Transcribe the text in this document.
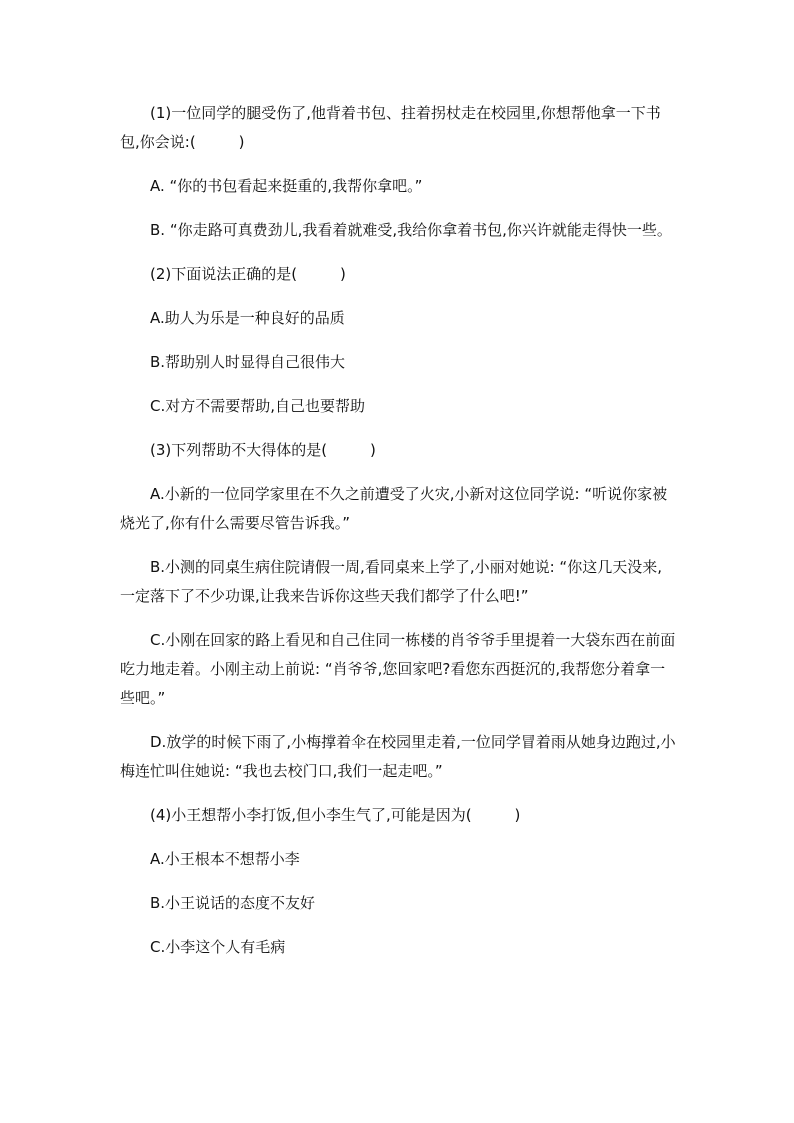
(1)一位同学的腿受伤了,他背着书包、拄着拐杖走在校园里,你想帮他拿一下书包,你会说:(         )

A. “你的书包看起来挺重的,我帮你拿吧。”

B. “你走路可真费劲儿,我看着就难受,我给你拿着书包,你兴许就能走得快一些。

(2)下面说法正确的是(         )

A.助人为乐是一种良好的品质

B.帮助别人时显得自己很伟大

C.对方不需要帮助,自己也要帮助

(3)下列帮助不大得体的是(         )

A.小新的一位同学家里在不久之前遭受了火灾,小新对这位同学说: “听说你家被烧光了,你有什么需要尽管告诉我。”

B.小测的同桌生病住院请假一周,看同桌来上学了,小丽对她说: “你这几天没来,一定落下了不少功课,让我来告诉你这些天我们都学了什么吧!”

C.小刚在回家的路上看见和自己住同一栋楼的肖爷爷手里提着一大袋东西在前面吃力地走着。小刚主动上前说: “肖爷爷,您回家吧?看您东西挺沉的,我帮您分着拿一些吧。”

D.放学的时候下雨了,小梅撑着伞在校园里走着,一位同学冒着雨从她身边跑过,小梅连忙叫住她说: “我也去校门口,我们一起走吧。”

(4)小王想帮小李打饭,但小李生气了,可能是因为(         )

A.小王根本不想帮小李

B.小王说话的态度不友好

C.小李这个人有毛病
